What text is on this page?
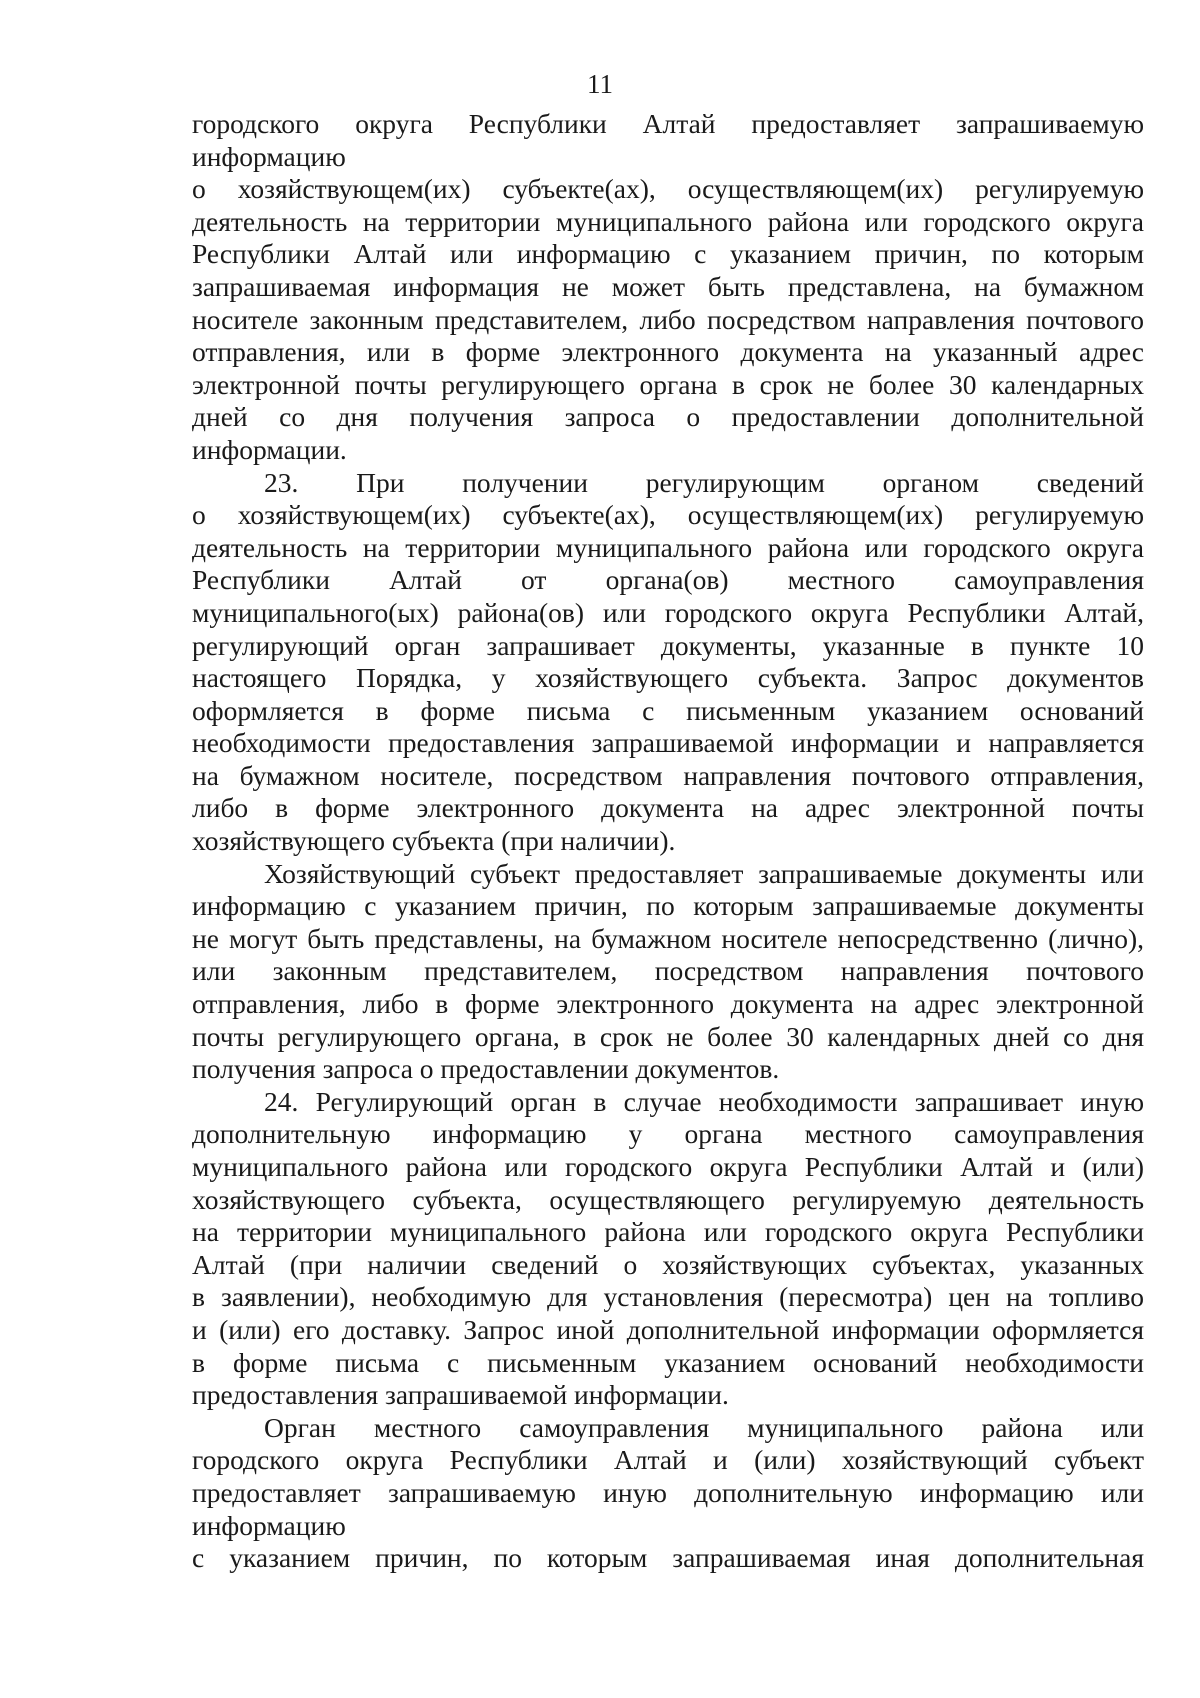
11
городского округа Республики Алтай предоставляет запрашиваемую
информацию
о хозяйствующем(их) субъекте(ах), осуществляющем(их) регулируемую
деятельность на территории муниципального района или городского округа
Республики Алтай или информацию с указанием причин, по которым
запрашиваемая информация не может быть представлена, на бумажном
носителе законным представителем, либо посредством направления почтового
отправления, или в форме электронного документа на указанный адрес
электронной почты регулирующего органа в срок не более 30 календарных
дней со дня получения запроса о предоставлении дополнительной
информации.
23. При получении регулирующим органом сведений
о хозяйствующем(их) субъекте(ах), осуществляющем(их) регулируемую
деятельность на территории муниципального района или городского округа
Республики Алтай от органа(ов) местного самоуправления
муниципального(ых) района(ов) или городского округа Республики Алтай,
регулирующий орган запрашивает документы, указанные в пункте 10
настоящего Порядка, у хозяйствующего субъекта. Запрос документов
оформляется в форме письма с письменным указанием оснований
необходимости предоставления запрашиваемой информации и направляется
на бумажном носителе, посредством направления почтового отправления,
либо в форме электронного документа на адрес электронной почты
хозяйствующего субъекта (при наличии).
Хозяйствующий субъект предоставляет запрашиваемые документы или
информацию с указанием причин, по которым запрашиваемые документы
не могут быть представлены, на бумажном носителе непосредственно (лично),
или законным представителем, посредством направления почтового
отправления, либо в форме электронного документа на адрес электронной
почты регулирующего органа, в срок не более 30 календарных дней со дня
получения запроса о предоставлении документов.
24. Регулирующий орган в случае необходимости запрашивает иную
дополнительную информацию у органа местного самоуправления
муниципального района или городского округа Республики Алтай и (или)
хозяйствующего субъекта, осуществляющего регулируемую деятельность
на территории муниципального района или городского округа Республики
Алтай (при наличии сведений о хозяйствующих субъектах, указанных
в заявлении), необходимую для установления (пересмотра) цен на топливо
и (или) его доставку. Запрос иной дополнительной информации оформляется
в форме письма с письменным указанием оснований необходимости
предоставления запрашиваемой информации.
Орган местного самоуправления муниципального района или
городского округа Республики Алтай и (или) хозяйствующий субъект
предоставляет запрашиваемую иную дополнительную информацию или
информацию
с указанием причин, по которым запрашиваемая иная дополнительная
